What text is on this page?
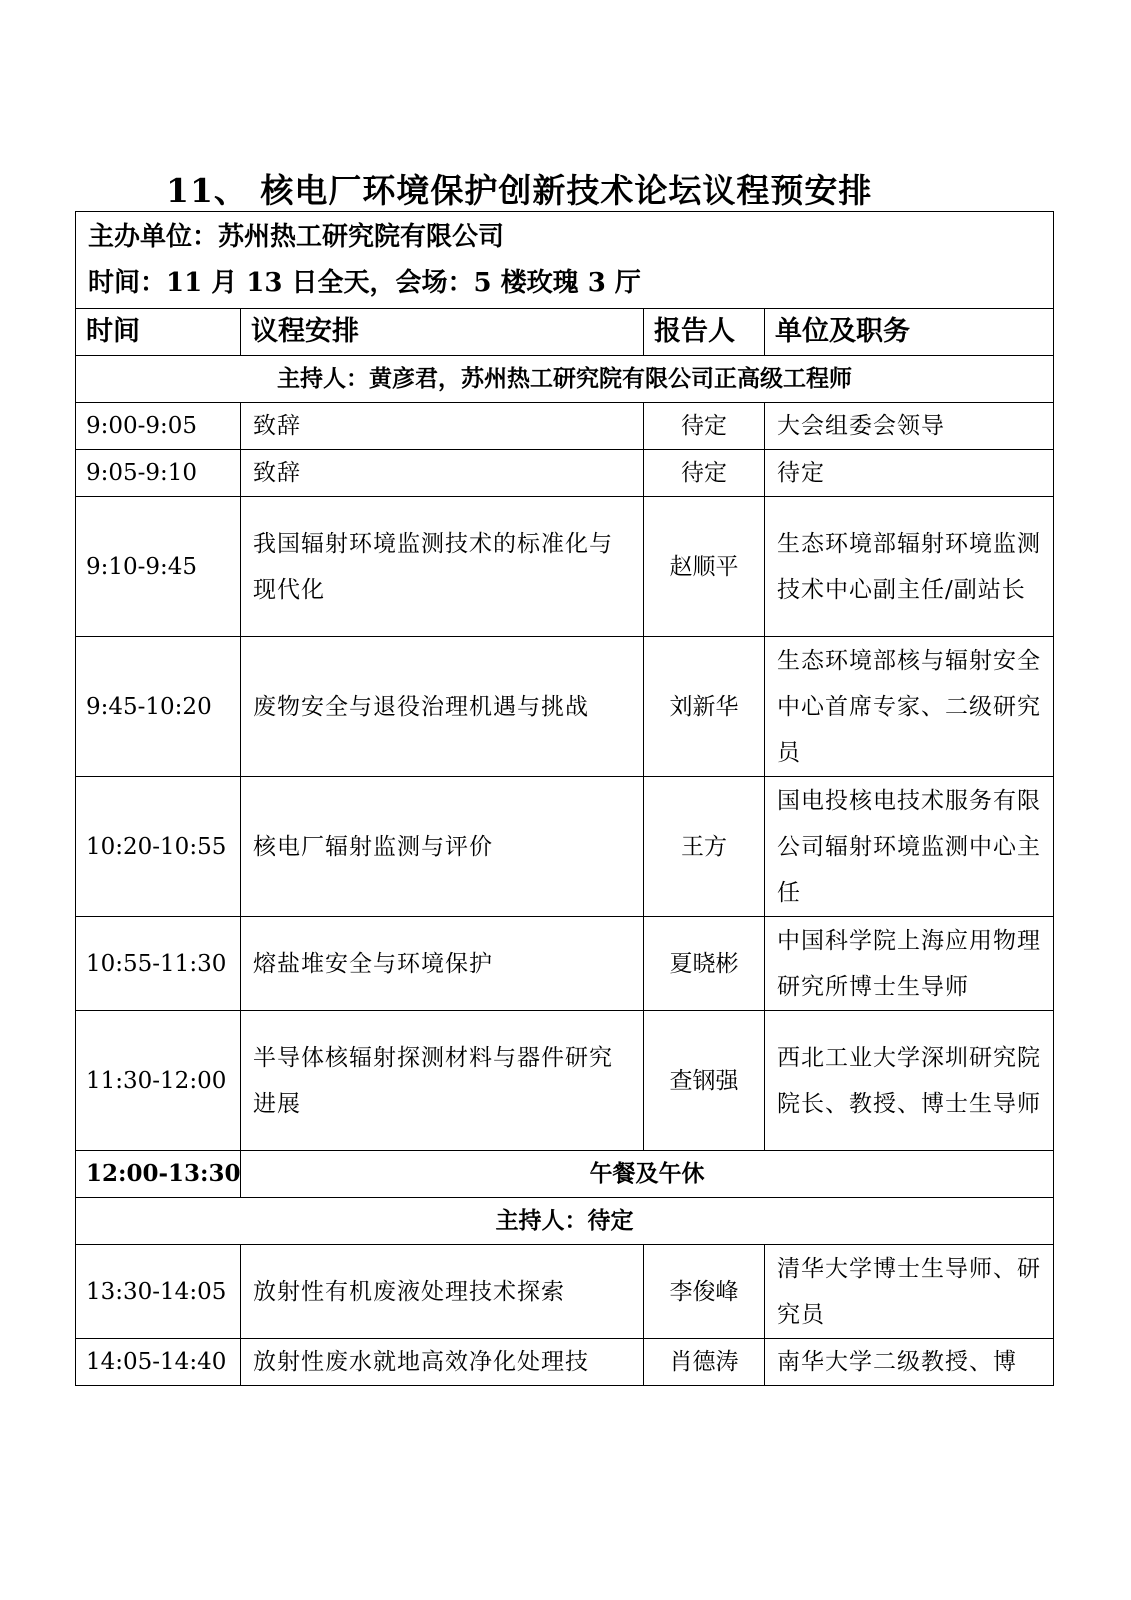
11、 核电厂环境保护创新技术论坛议程预安排
主办单位：苏州热工研究院有限公司
时间：11 月 13 日全天，会场：5 楼玫瑰 3 厅			

时间	议程安排	报告人	单位及职务
主持人：黄彦君，苏州热工研究院有限公司正高级工程师			
9:00-9:05	致辞	待定	大会组委会领导
9:05-9:10	致辞	待定	待定
9:10-9:45	我国辐射环境监测技术的标准化与现代化	赵顺平	生态环境部辐射环境监测技术中心副主任/副站长
9:45-10:20	废物安全与退役治理机遇与挑战	刘新华	生态环境部核与辐射安全中心首席专家、二级研究员
10:20-10:55	核电厂辐射监测与评价	王方	国电投核电技术服务有限公司辐射环境监测中心主任
10:55-11:30	熔盐堆安全与环境保护	夏晓彬	中国科学院上海应用物理研究所博士生导师
11:30-12:00	半导体核辐射探测材料与器件研究进展	查钢强	西北工业大学深圳研究院院长、教授、博士生导师
12:00-13:30	午餐及午休		
主持人：待定			
13:30-14:05	放射性有机废液处理技术探索	李俊峰	清华大学博士生导师、研究员
14:05-14:40	放射性废水就地高效净化处理技	肖德涛	南华大学二级教授、博
